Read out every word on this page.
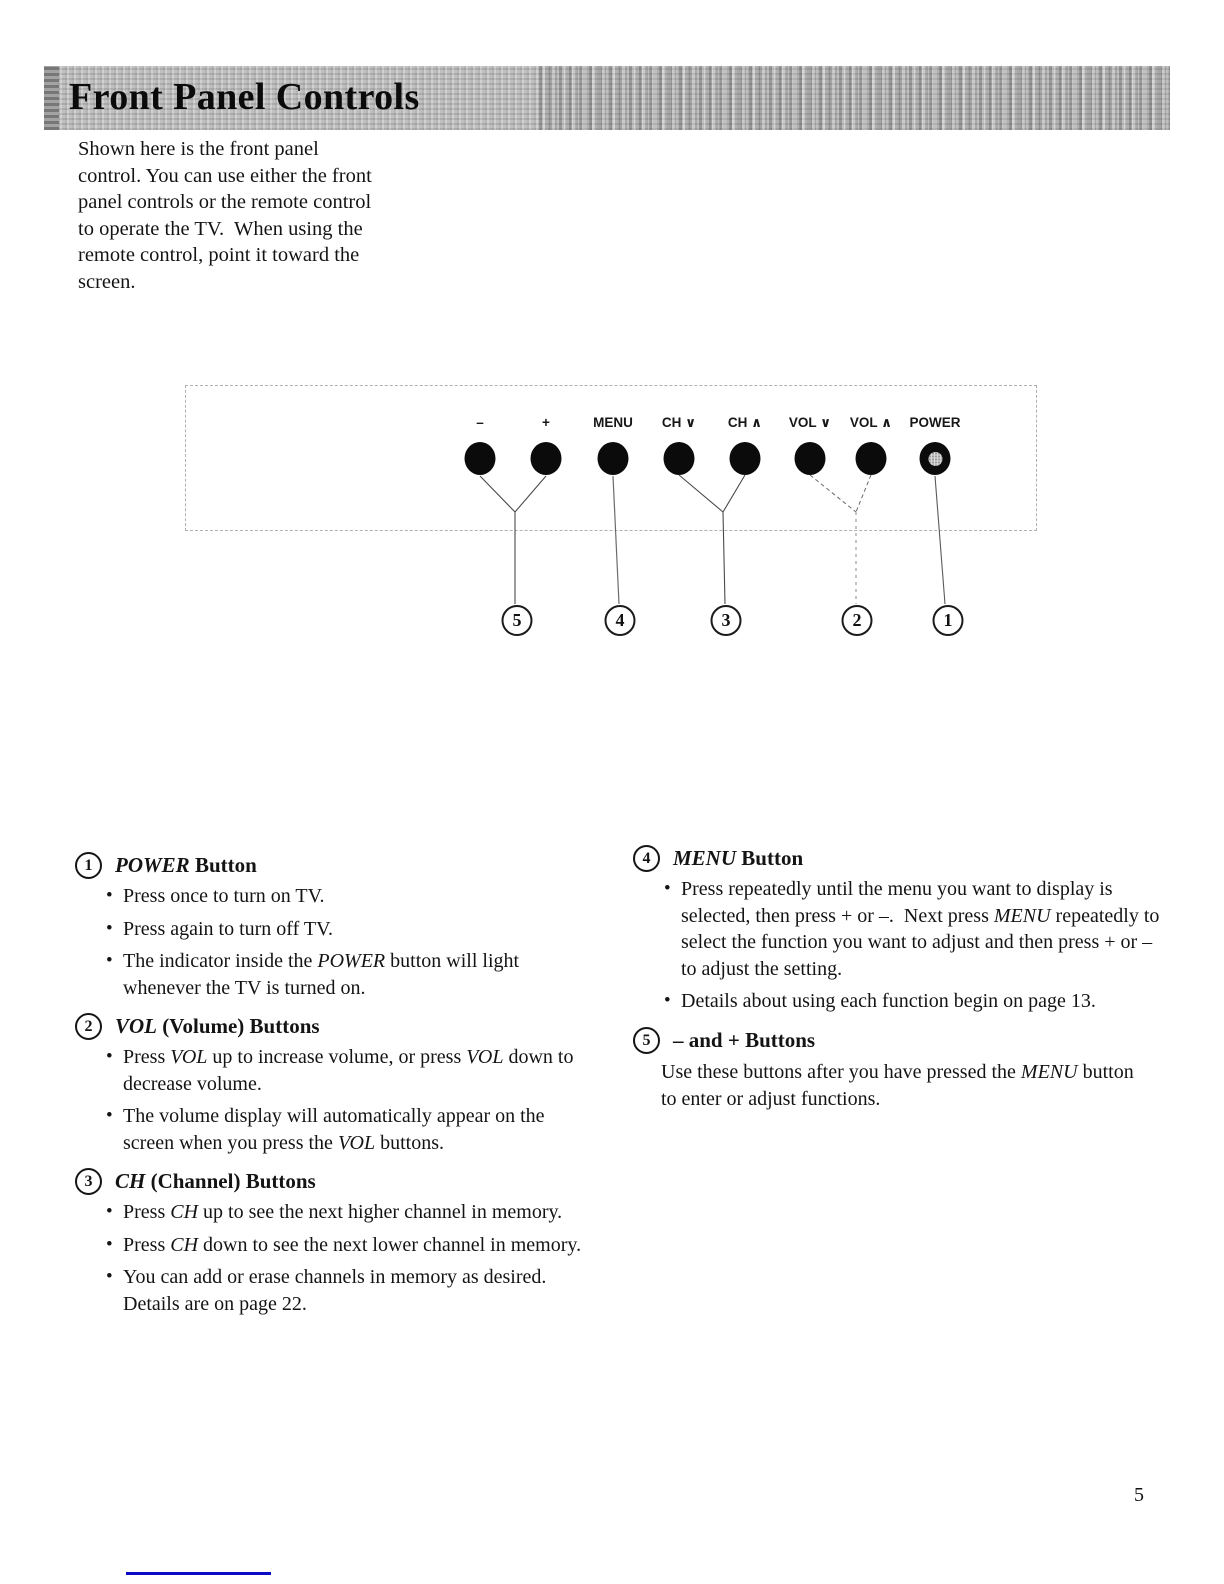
Front Panel Controls

Shown here is the front panel
control. You can use either the front
panel controls or the remote control
to operate the TV.  When using the
remote control, point it toward the
screen.

–	+	MENU CH ∨ CH ∧ VOL ∨ VOL ∧ POWER
5	4	3	2	1
1	POWER Button
• Press once to turn on TV.
• Press again to turn off TV.
• The indicator inside the POWER button will light
whenever the TV is turned on.
2	VOL (Volume) Buttons
• Press VOL up to increase volume, or press VOL down to
decrease volume.
• The volume display will automatically appear on the
screen when you press the VOL buttons.
3	CH (Channel) Buttons
• Press CH up to see the next higher channel in memory.
• Press CH down to see the next lower channel in memory.
• You can add or erase channels in memory as desired.
Details are on page 22.
4	MENU Button
• Press repeatedly until the menu you want to display is
selected, then press + or –.  Next press MENU repeatedly to
select the function you want to adjust and then press + or –
to adjust the setting.
• Details about using each function begin on page 13.
5	– and + Buttons

Use these buttons after you have pressed the MENU button
to enter or adjust functions.

5
